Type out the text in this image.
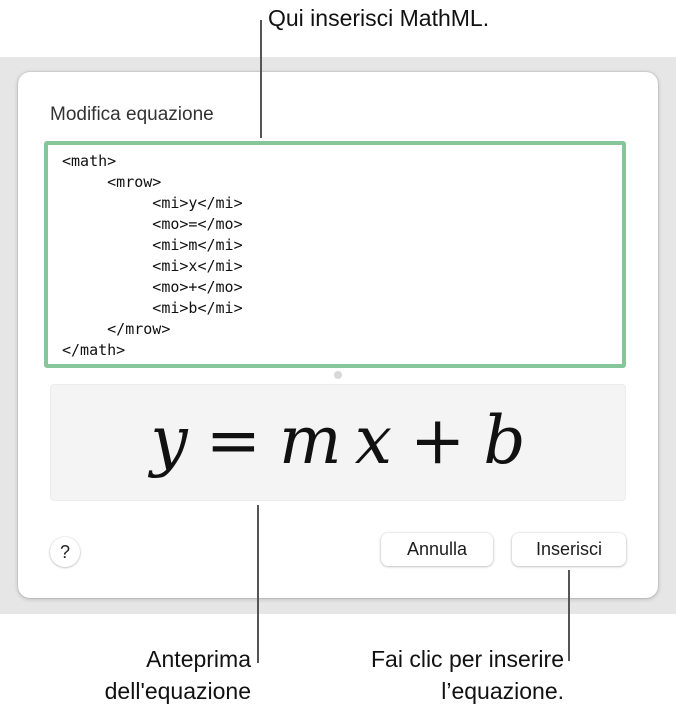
Modifica equazione
<math>
<mrow>
<mi>y</mi>
<mo>=</mo>
<mi>m</mi>
<mi>x</mi>
<mo>+</mo>
<mi>b</mi>
</mrow>
</math>
y = m  x + b
?	Annulla	Inserisci
Qui inserisci MathML.
Anteprima
dell'equazione
Fai clic per inserire
l’equazione.
